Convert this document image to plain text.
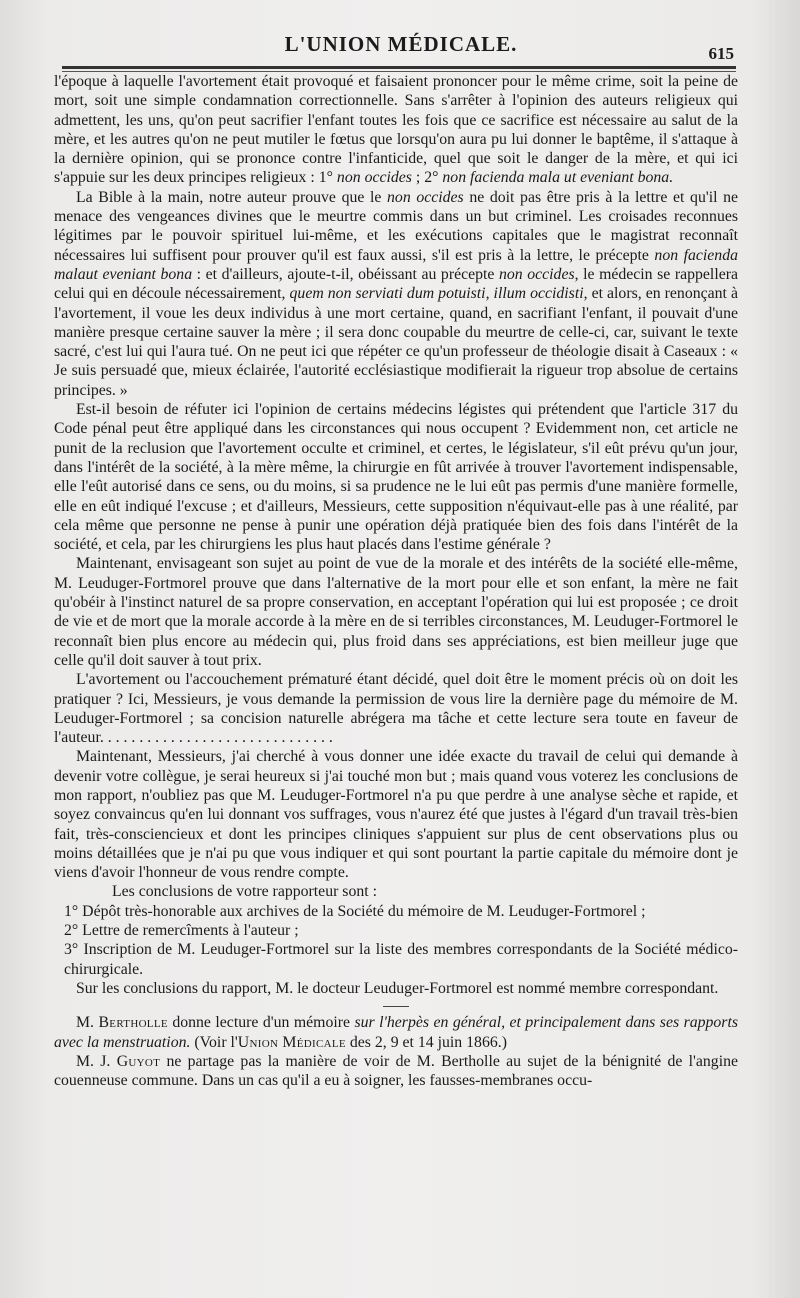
L'UNION MÉDICALE.	615

l'époque à laquelle l'avortement était provoqué et faisaient prononcer pour le même crime, soit la peine de mort, soit une simple condamnation correctionnelle. Sans s'arrêter à l'opinion des auteurs religieux qui admettent, les uns, qu'on peut sacrifier l'enfant toutes les fois que ce sacrifice est nécessaire au salut de la mère, et les autres qu'on ne peut mutiler le fœtus que lorsqu'on aura pu lui donner le baptême, il s'attaque à la dernière opinion, qui se prononce contre l'infanticide, quel que soit le danger de la mère, et qui ici s'appuie sur les deux principes religieux : 1° non occides ; 2° non facienda mala ut eveniant bona.

La Bible à la main, notre auteur prouve que le non occides ne doit pas être pris à la lettre et qu'il ne menace des vengeances divines que le meurtre commis dans un but criminel. Les croisades reconnues légitimes par le pouvoir spirituel lui-même, et les exécutions capitales que le magistrat reconnaît nécessaires lui suffisent pour prouver qu'il est faux aussi, s'il est pris à la lettre, le précepte non facienda malaut eveniant bona : et d'ailleurs, ajoute-t-il, obéissant au précepte non occides, le médecin se rappellera celui qui en découle nécessairement, quem non serviati dum potuisti, illum occidisti, et alors, en renonçant à l'avortement, il voue les deux individus à une mort certaine, quand, en sacrifiant l'enfant, il pouvait d'une manière presque certaine sauver la mère ; il sera donc coupable du meurtre de celle-ci, car, suivant le texte sacré, c'est lui qui l'aura tué. On ne peut ici que répéter ce qu'un professeur de théologie disait à Caseaux : « Je suis persuadé que, mieux éclairée, l'autorité ecclésiastique modifierait la rigueur trop absolue de certains principes. »

Est-il besoin de réfuter ici l'opinion de certains médecins légistes qui prétendent que l'article 317 du Code pénal peut être appliqué dans les circonstances qui nous occupent ? Evidemment non, cet article ne punit de la reclusion que l'avortement occulte et criminel, et certes, le législateur, s'il eût prévu qu'un jour, dans l'intérêt de la société, à la mère même, la chirurgie en fût arrivée à trouver l'avortement indispensable, elle l'eût autorisé dans ce sens, ou du moins, si sa prudence ne le lui eût pas permis d'une manière formelle, elle en eût indiqué l'excuse ; et d'ailleurs, Messieurs, cette supposition n'équivaut-elle pas à une réalité, par cela même que personne ne pense à punir une opération déjà pratiquée bien des fois dans l'intérêt de la société, et cela, par les chirurgiens les plus haut placés dans l'estime générale ?

Maintenant, envisageant son sujet au point de vue de la morale et des intérêts de la société elle-même, M. Leuduger-Fortmorel prouve que dans l'alternative de la mort pour elle et son enfant, la mère ne fait qu'obéir à l'instinct naturel de sa propre conservation, en acceptant l'opération qui lui est proposée ; ce droit de vie et de mort que la morale accorde à la mère en de si terribles circonstances, M. Leuduger-Fortmorel le reconnaît bien plus encore au médecin qui, plus froid dans ses appréciations, est bien meilleur juge que celle qu'il doit sauver à tout prix.

L'avortement ou l'accouchement prématuré étant décidé, quel doit être le moment précis où on doit les pratiquer ? Ici, Messieurs, je vous demande la permission de vous lire la dernière page du mémoire de M. Leuduger-Fortmorel ; sa concision naturelle abrégera ma tâche et cette lecture sera toute en faveur de l'auteur. . . . . . . . . . . . . . . . . . . . . . . . . . . . . .

Maintenant, Messieurs, j'ai cherché à vous donner une idée exacte du travail de celui qui demande à devenir votre collègue, je serai heureux si j'ai touché mon but ; mais quand vous voterez les conclusions de mon rapport, n'oubliez pas que M. Leuduger-Fortmorel n'a pu que perdre à une analyse sèche et rapide, et soyez convaincus qu'en lui donnant vos suffrages, vous n'aurez été que justes à l'égard d'un travail très-bien fait, très-consciencieux et dont les principes cliniques s'appuient sur plus de cent observations plus ou moins détaillées que je n'ai pu que vous indiquer et qui sont pourtant la partie capitale du mémoire dont je viens d'avoir l'honneur de vous rendre compte.

Les conclusions de votre rapporteur sont :

1° Dépôt très-honorable aux archives de la Société du mémoire de M. Leuduger-Fortmorel ;

2° Lettre de remercîments à l'auteur ;

3° Inscription de M. Leuduger-Fortmorel sur la liste des membres correspondants de la Société médico-chirurgicale.

Sur les conclusions du rapport, M. le docteur Leuduger-Fortmorel est nommé membre correspondant.

M. Bertholle donne lecture d'un mémoire sur l'herpès en général, et principalement dans ses rapports avec la menstruation. (Voir l'Union Médicale des 2, 9 et 14 juin 1866.)

M. J. Guyot ne partage pas la manière de voir de M. Bertholle au sujet de la bénignité de l'angine couenneuse commune. Dans un cas qu'il a eu à soigner, les fausses-membranes occu-
